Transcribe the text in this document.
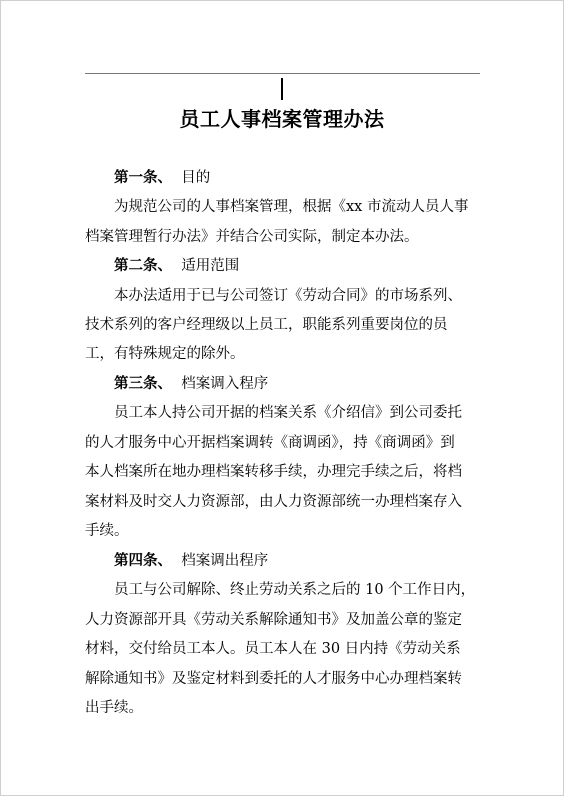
员工人事档案管理办法
第一条、 目的
为规范公司的人事档案管理，根据《xx 市流动人员人事
档案管理暂行办法》并结合公司实际，制定本办法。
第二条、 适用范围
本办法适用于已与公司签订《劳动合同》的市场系列、
技术系列的客户经理级以上员工，职能系列重要岗位的员
工，有特殊规定的除外。
第三条、 档案调入程序
员工本人持公司开据的档案关系《介绍信》到公司委托
的人才服务中心开据档案调转《商调函》，持《商调函》到
本人档案所在地办理档案转移手续，办理完手续之后，将档
案材料及时交人力资源部，由人力资源部统一办理档案存入
手续。
第四条、 档案调出程序
员工与公司解除、终止劳动关系之后的 10 个工作日内，
人力资源部开具《劳动关系解除通知书》及加盖公章的鉴定
材料，交付给员工本人。员工本人在 30 日内持《劳动关系
解除通知书》及鉴定材料到委托的人才服务中心办理档案转
出手续。
